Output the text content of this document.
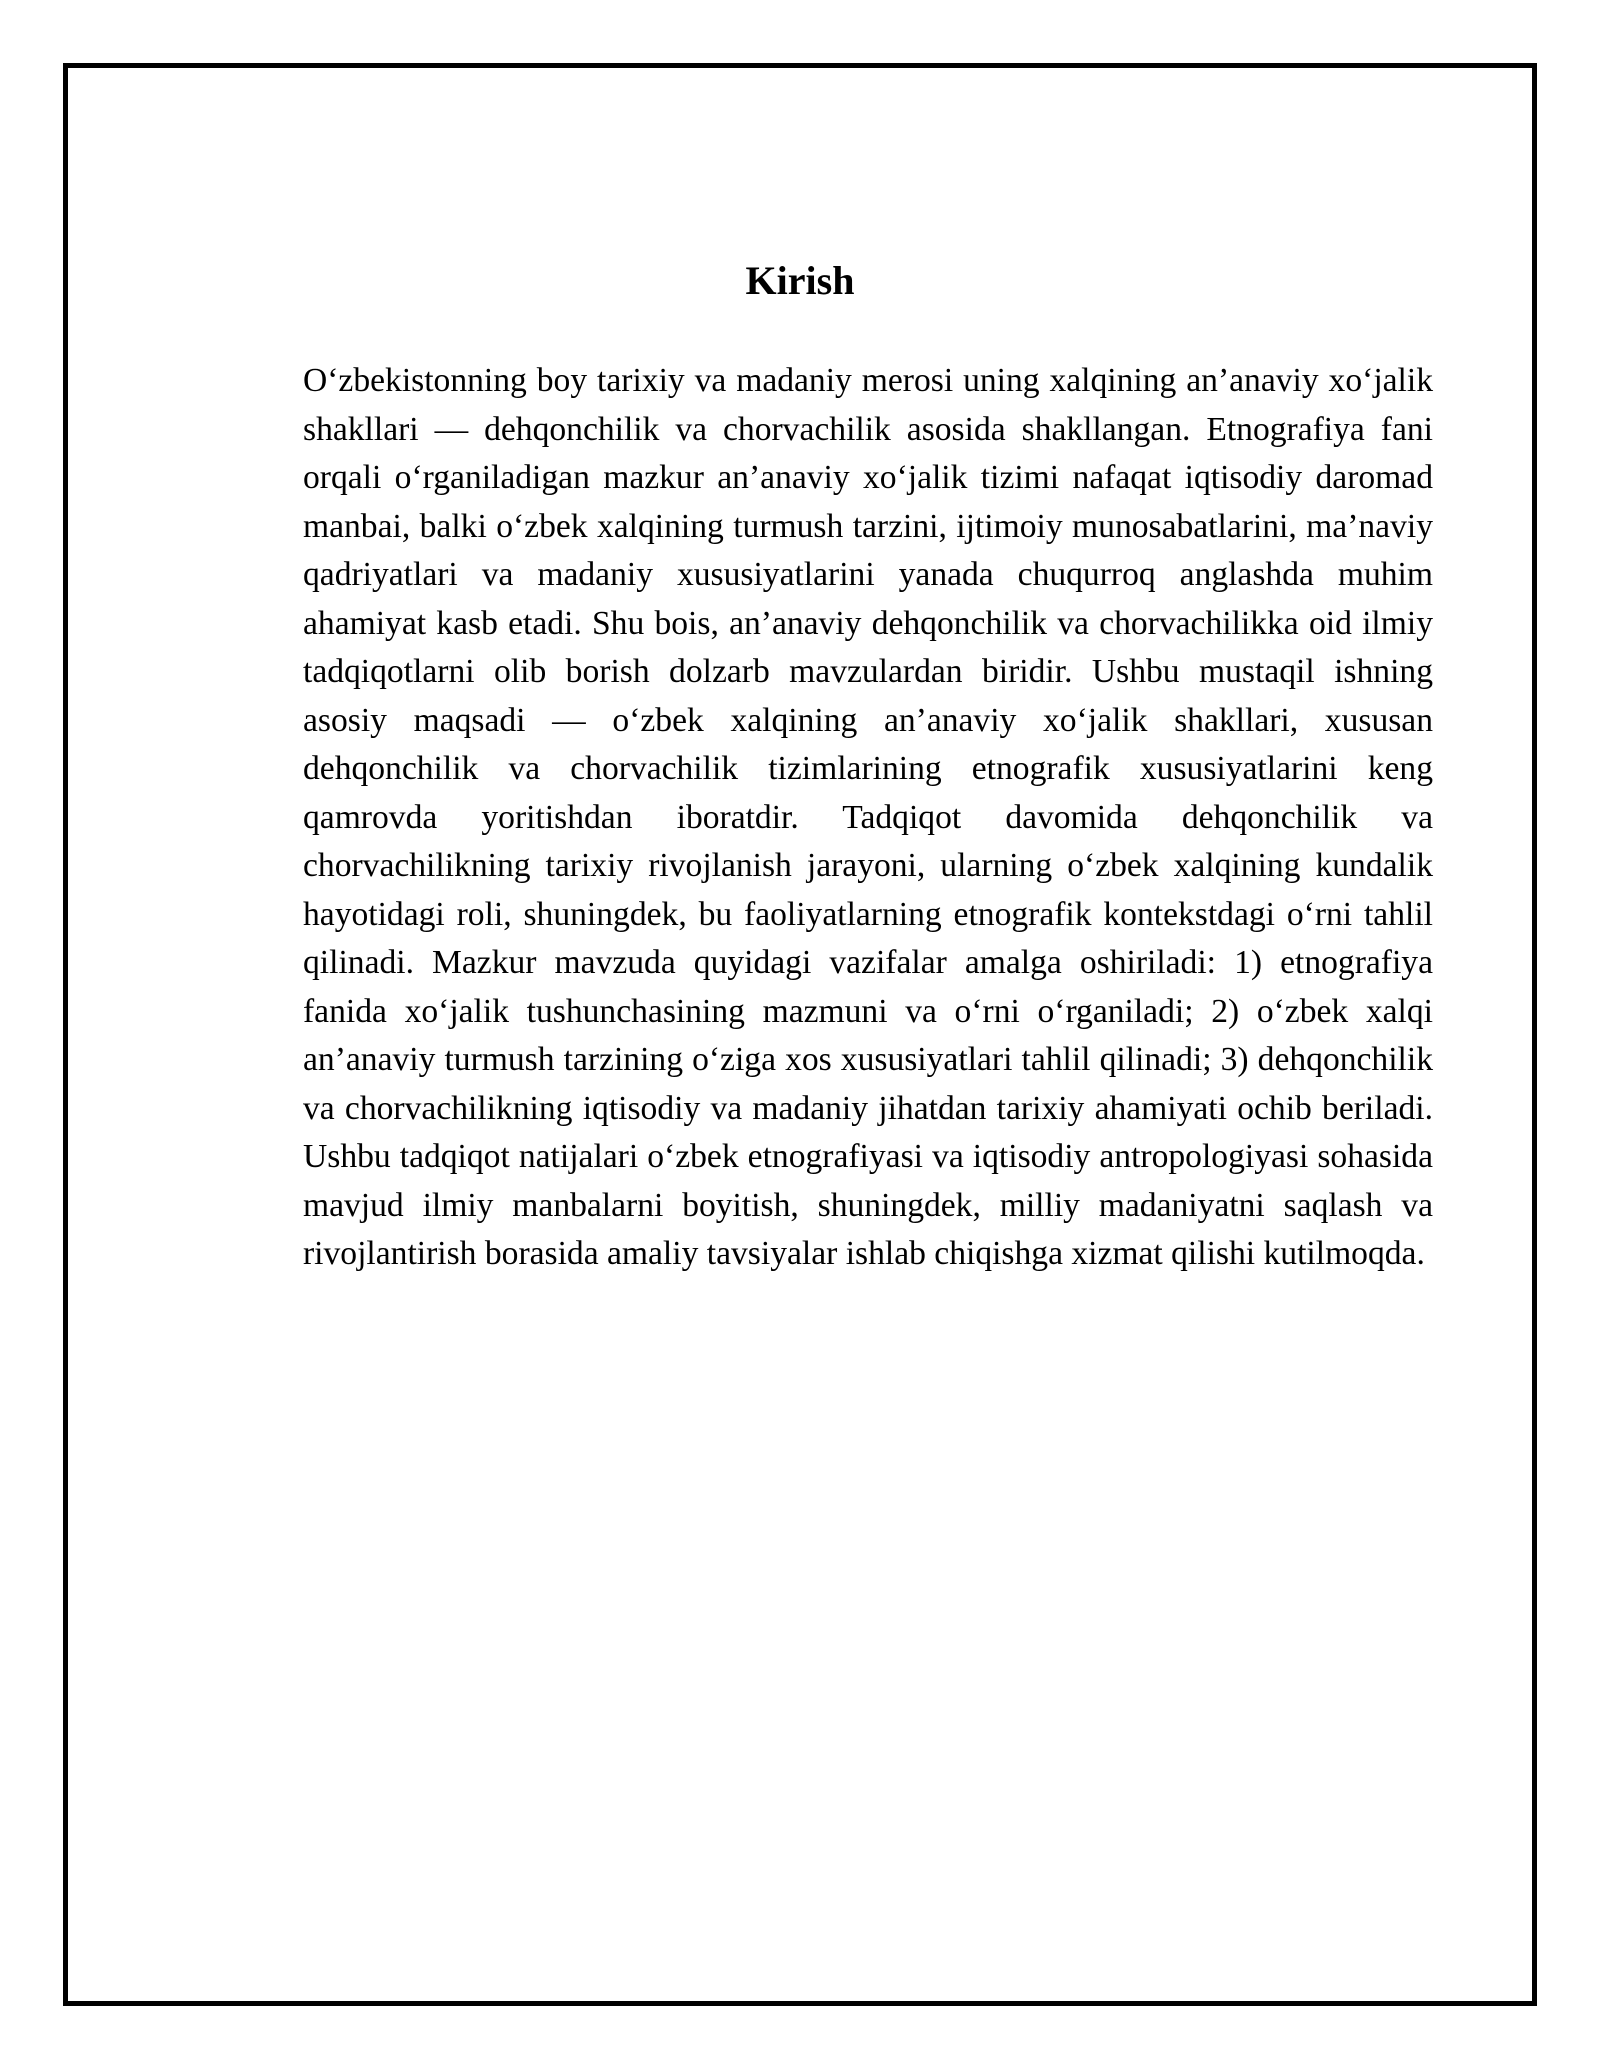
Kirish

O‘zbekistonning boy tarixiy va madaniy merosi uning xalqining an’anaviy xo‘jalik shakllari — dehqonchilik va chorvachilik asosida shakllangan. Etnografiya fani orqali o‘rganiladigan mazkur an’anaviy xo‘jalik tizimi nafaqat iqtisodiy daromad manbai, balki o‘zbek xalqining turmush tarzini, ijtimoiy munosabatlarini, ma’naviy qadriyatlari va madaniy xususiyatlarini yanada chuqurroq anglashda muhim ahamiyat kasb etadi. Shu bois, an’anaviy dehqonchilik va chorvachilikka oid ilmiy tadqiqotlarni olib borish dolzarb mavzulardan biridir. Ushbu mustaqil ishning asosiy maqsadi — o‘zbek xalqining an’anaviy xo‘jalik shakllari, xususan dehqonchilik va chorvachilik tizimlarining etnografik xususiyatlarini keng qamrovda yoritishdan iboratdir. Tadqiqot davomida dehqonchilik va chorvachilikning tarixiy rivojlanish jarayoni, ularning o‘zbek xalqining kundalik hayotidagi roli, shuningdek, bu faoliyatlarning etnografik kontekstdagi o‘rni tahlil qilinadi. Mazkur mavzuda quyidagi vazifalar amalga oshiriladi: 1) etnografiya fanida xo‘jalik tushunchasining mazmuni va o‘rni o‘rganiladi; 2) o‘zbek xalqi an’anaviy turmush tarzining o‘ziga xos xususiyatlari tahlil qilinadi; 3) dehqonchilik va chorvachilikning iqtisodiy va madaniy jihatdan tarixiy ahamiyati ochib beriladi. Ushbu tadqiqot natijalari o‘zbek etnografiyasi va iqtisodiy antropologiyasi sohasida mavjud ilmiy manbalarni boyitish, shuningdek, milliy madaniyatni saqlash va rivojlantirish borasida amaliy tavsiyalar ishlab chiqishga xizmat qilishi kutilmoqda.
